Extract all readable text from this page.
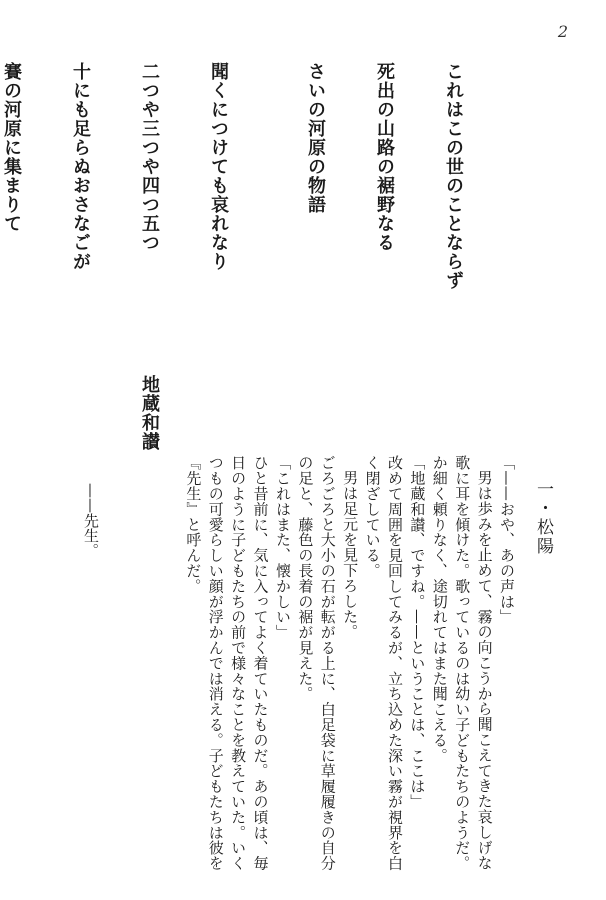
2

これはこの世のことならず

死出の山路の裾野なる

さいの河原の物語

聞くにつけても哀れなり

二つや三つや四つ五つ

十にも足らぬおさなごが

賽の河原に集まりて

地蔵和讃
一・松陽

「——おや、あの声は」

男は歩みを止めて、霧の向こうから聞こえてきた哀しげな歌に耳を傾けた。歌っているのは幼い子どもたちのようだ。か細く頼りなく、途切れてはまた聞こえる。

「地蔵和讃、ですね。——ということは、ここは」

改めて周囲を見回してみるが、立ち込めた深い霧が視界を白く閉ざしている。

男は足元を見下ろした。

ごろごろと大小の石が転がる上に、白足袋に草履履きの自分の足と、藤色の長着の裾が見えた。

「これはまた、懐かしい」

ひと昔前に、気に入ってよく着ていたものだ。あの頃は、毎日のように子どもたちの前で様々なことを教えていた。いくつもの可愛らしい顔が浮かんでは消える。子どもたちは彼を『先生』と呼んだ。

——先生。
